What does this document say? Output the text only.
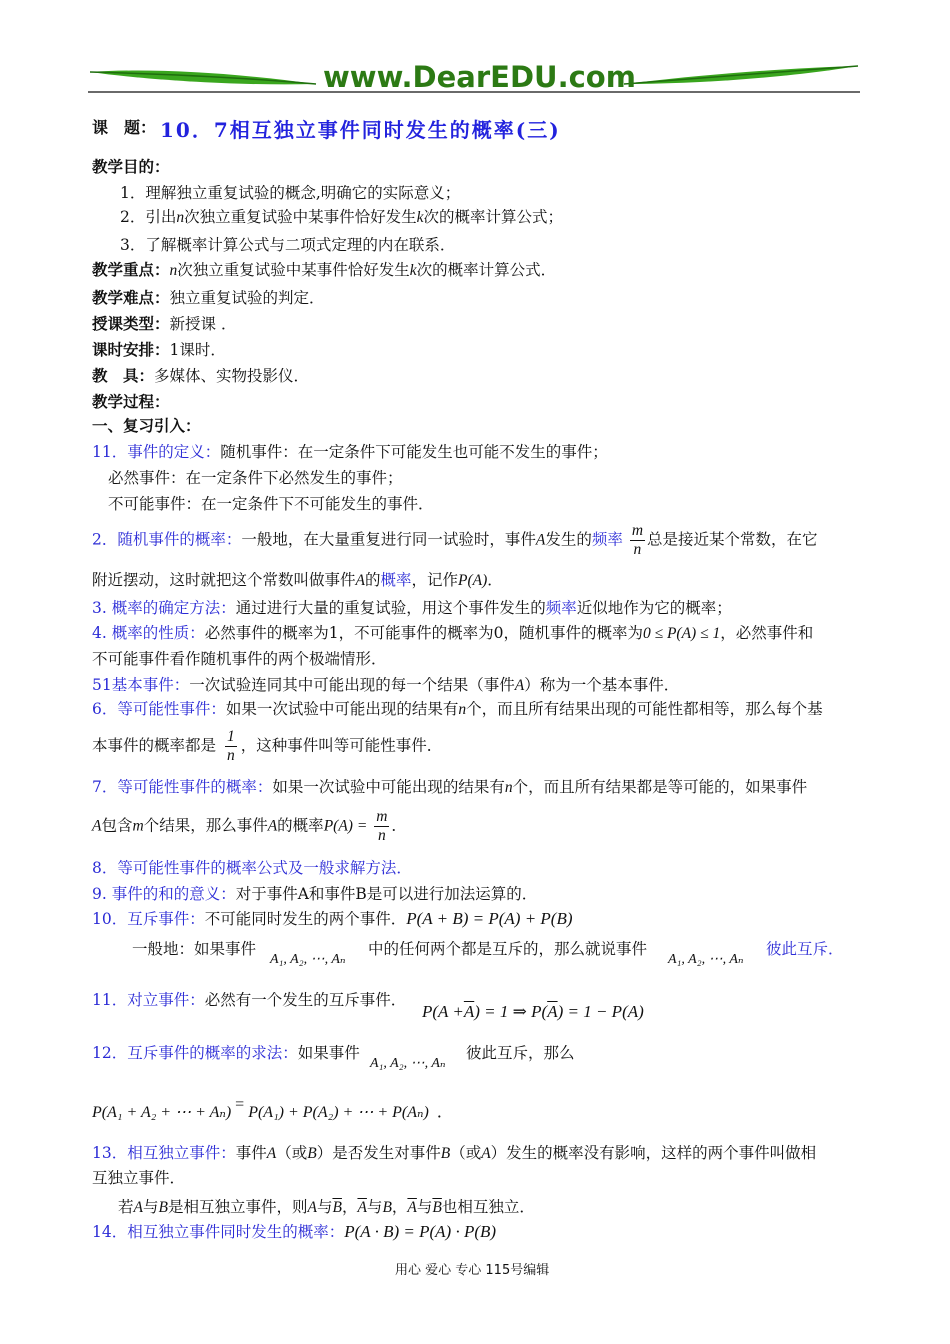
www.DearEDU.com
课　题： 10．7相互独立事件同时发生的概率(三)
教学目的：
1．理解独立重复试验的概念,明确它的实际意义；
2．引出n次独立重复试验中某事件恰好发生k次的概率计算公式；
3．了解概率计算公式与二项式定理的内在联系．
教学重点：n次独立重复试验中某事件恰好发生k次的概率计算公式．
教学难点：独立重复试验的判定．
授课类型：新授课 ．
课时安排：1课时．
教　具：多媒体、实物投影仪．
教学过程：
一、复习引入：
11．事件的定义：随机事件：在一定条件下可能发生也可能不发生的事件；
必然事件：在一定条件下必然发生的事件；
不可能事件：在一定条件下不可能发生的事件．
2．随机事件的概率：一般地，在大量重复进行同一试验时，事件A发生的频率 $\frac{m}{n}$ 总是接近某个常数，在它
附近摆动，这时就把这个常数叫做事件A的概率，记作P(A)．
3. 概率的确定方法：通过进行大量的重复试验，用这个事件发生的频率近似地作为它的概率；
4. 概率的性质：必然事件的概率为1，不可能事件的概率为0，随机事件的概率为0 ≤ P(A) ≤ 1，必然事件和
不可能事件看作随机事件的两个极端情形．
51基本事件：一次试验连同其中可能出现的每一个结果（事件A）称为一个基本事件．
6．等可能性事件：如果一次试验中可能出现的结果有n个，而且所有结果出现的可能性都相等，那么每个基
本事件的概率都是 $\frac{1}{n}$ ，这种事件叫等可能性事件．
7．等可能性事件的概率：如果一次试验中可能出现的结果有n个，而且所有结果都是等可能的，如果事件
A包含m个结果，那么事件A的概率$P(A) = \frac{m}{n}$ ．
8．等可能性事件的概率公式及一般求解方法．
9. 事件的和的意义：对于事件A和事件B是可以进行加法运算的．
10．互斥事件：不可能同时发生的两个事件．P(A + B) = P(A) + P(B)
一般地：如果事件
A₁, A₂, ⋯, Aₙ
中的任何两个都是互斥的，那么就说事件
A₁, A₂, ⋯, Aₙ
彼此互斥．
11．对立事件：必然有一个发生的互斥事件．
$P(A +\overline{A}) = 1$ ⇒ $P(\overline{A}) = 1 - P(A)$
12．互斥事件的概率的求法：如果事件
A₁, A₂, ⋯, Aₙ
彼此互斥，那么
P(A₁ + A₂ + ⋯ + Aₙ) = P(A₁) + P(A₂) + ⋯ + P(Aₙ) ．
13．相互独立事件：事件A（或B）是否发生对事件B（或A）发生的概率没有影响，这样的两个事件叫做相
互独立事件．
若A与B是相互独立事件，则A与$\overline{B}$，$\overline{A}$与B，$\overline{A}$与$\overline{B}$也相互独立．
14．相互独立事件同时发生的概率：P(A · B) = P(A) · P(B)
用心 爱心 专心 115号编辑
